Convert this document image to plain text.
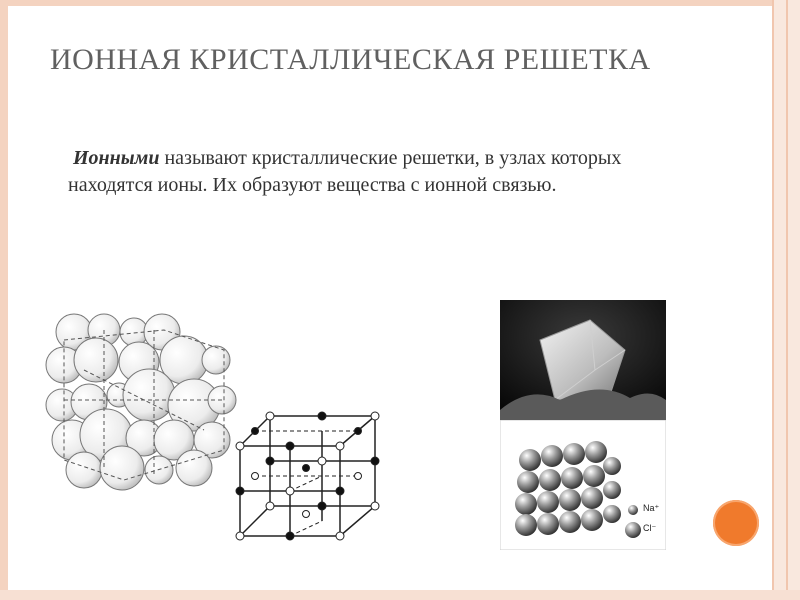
ИОННАЯ КРИСТАЛЛИЧЕСКАЯ РЕШЕТКА
Ионными называют кристаллические решетки, в узлах которых находятся ионы. Их образуют вещества с ионной связью.
Na⁺
Cl⁻
